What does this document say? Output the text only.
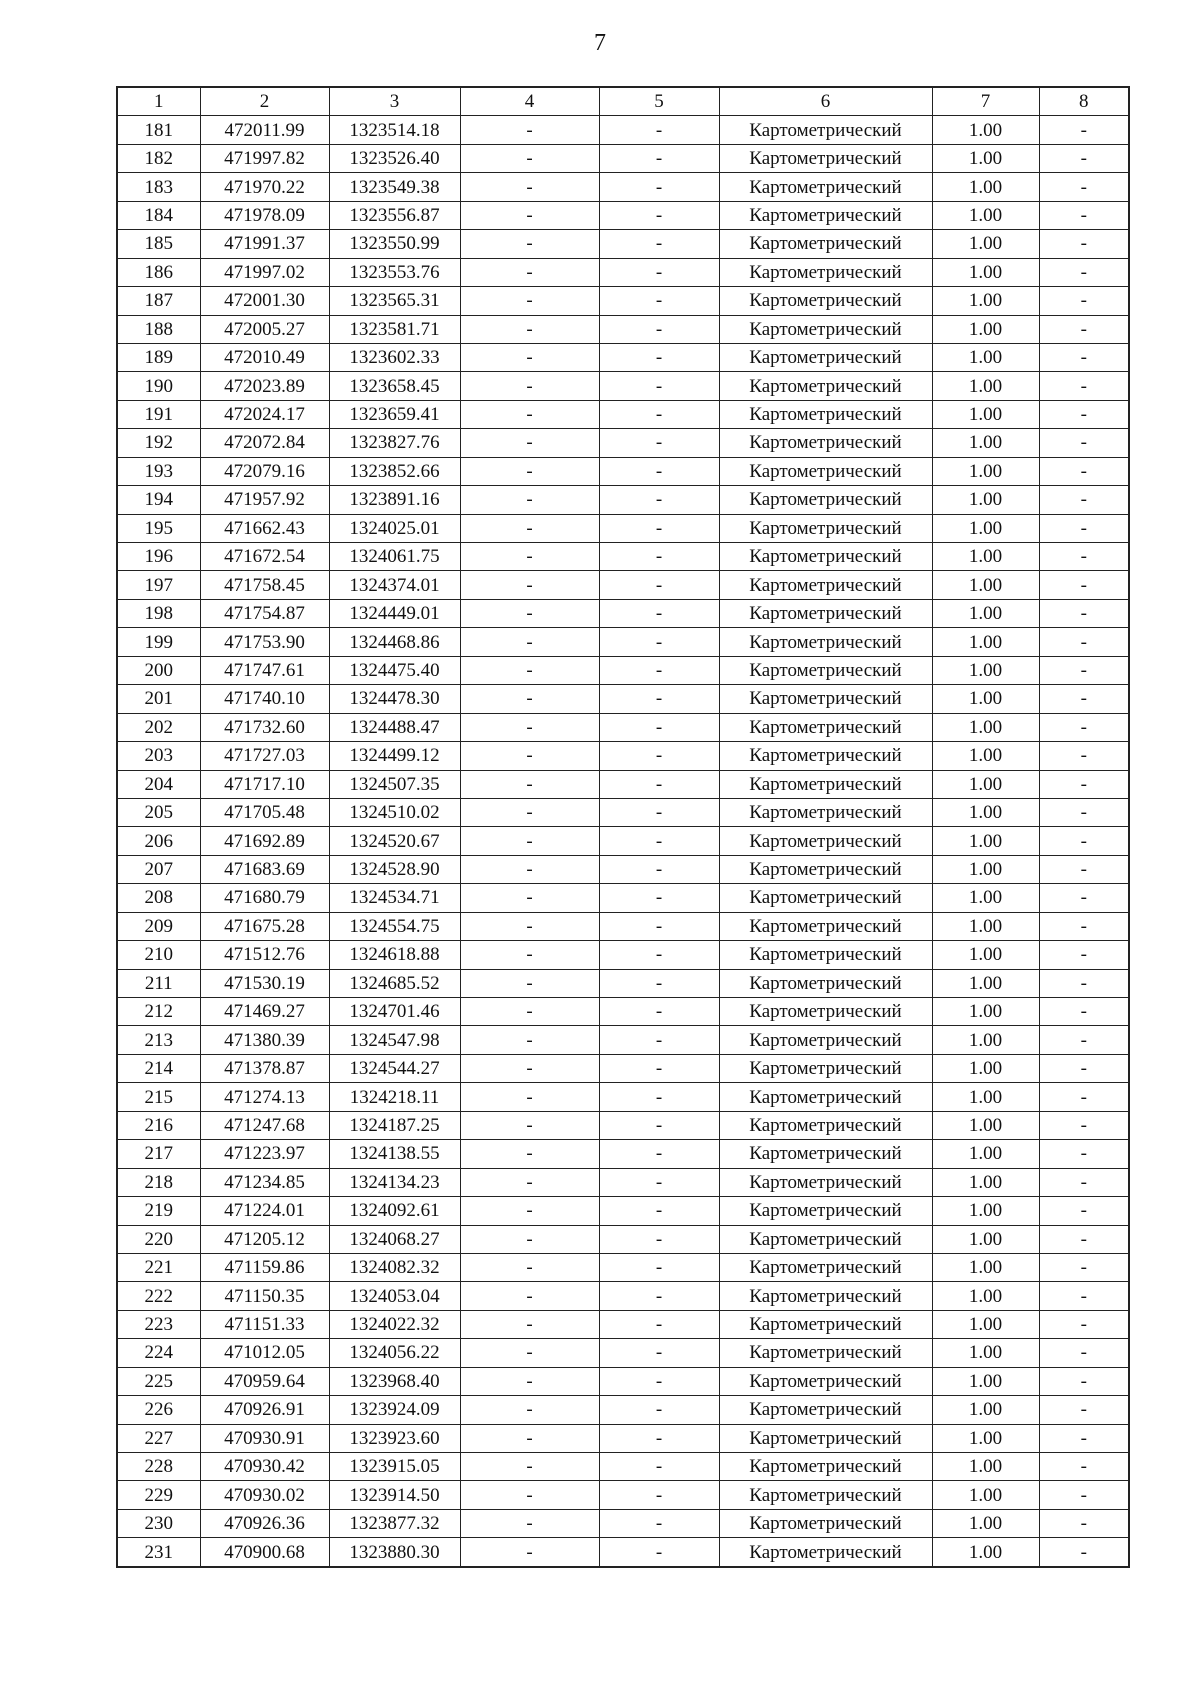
7
1	2	3	4	5	6	7	8
181	472011.99	1323514.18	-	-	Картометрический	1.00	-
182	471997.82	1323526.40	-	-	Картометрический	1.00	-
183	471970.22	1323549.38	-	-	Картометрический	1.00	-
184	471978.09	1323556.87	-	-	Картометрический	1.00	-
185	471991.37	1323550.99	-	-	Картометрический	1.00	-
186	471997.02	1323553.76	-	-	Картометрический	1.00	-
187	472001.30	1323565.31	-	-	Картометрический	1.00	-
188	472005.27	1323581.71	-	-	Картометрический	1.00	-
189	472010.49	1323602.33	-	-	Картометрический	1.00	-
190	472023.89	1323658.45	-	-	Картометрический	1.00	-
191	472024.17	1323659.41	-	-	Картометрический	1.00	-
192	472072.84	1323827.76	-	-	Картометрический	1.00	-
193	472079.16	1323852.66	-	-	Картометрический	1.00	-
194	471957.92	1323891.16	-	-	Картометрический	1.00	-
195	471662.43	1324025.01	-	-	Картометрический	1.00	-
196	471672.54	1324061.75	-	-	Картометрический	1.00	-
197	471758.45	1324374.01	-	-	Картометрический	1.00	-
198	471754.87	1324449.01	-	-	Картометрический	1.00	-
199	471753.90	1324468.86	-	-	Картометрический	1.00	-
200	471747.61	1324475.40	-	-	Картометрический	1.00	-
201	471740.10	1324478.30	-	-	Картометрический	1.00	-
202	471732.60	1324488.47	-	-	Картометрический	1.00	-
203	471727.03	1324499.12	-	-	Картометрический	1.00	-
204	471717.10	1324507.35	-	-	Картометрический	1.00	-
205	471705.48	1324510.02	-	-	Картометрический	1.00	-
206	471692.89	1324520.67	-	-	Картометрический	1.00	-
207	471683.69	1324528.90	-	-	Картометрический	1.00	-
208	471680.79	1324534.71	-	-	Картометрический	1.00	-
209	471675.28	1324554.75	-	-	Картометрический	1.00	-
210	471512.76	1324618.88	-	-	Картометрический	1.00	-
211	471530.19	1324685.52	-	-	Картометрический	1.00	-
212	471469.27	1324701.46	-	-	Картометрический	1.00	-
213	471380.39	1324547.98	-	-	Картометрический	1.00	-
214	471378.87	1324544.27	-	-	Картометрический	1.00	-
215	471274.13	1324218.11	-	-	Картометрический	1.00	-
216	471247.68	1324187.25	-	-	Картометрический	1.00	-
217	471223.97	1324138.55	-	-	Картометрический	1.00	-
218	471234.85	1324134.23	-	-	Картометрический	1.00	-
219	471224.01	1324092.61	-	-	Картометрический	1.00	-
220	471205.12	1324068.27	-	-	Картометрический	1.00	-
221	471159.86	1324082.32	-	-	Картометрический	1.00	-
222	471150.35	1324053.04	-	-	Картометрический	1.00	-
223	471151.33	1324022.32	-	-	Картометрический	1.00	-
224	471012.05	1324056.22	-	-	Картометрический	1.00	-
225	470959.64	1323968.40	-	-	Картометрический	1.00	-
226	470926.91	1323924.09	-	-	Картометрический	1.00	-
227	470930.91	1323923.60	-	-	Картометрический	1.00	-
228	470930.42	1323915.05	-	-	Картометрический	1.00	-
229	470930.02	1323914.50	-	-	Картометрический	1.00	-
230	470926.36	1323877.32	-	-	Картометрический	1.00	-
231	470900.68	1323880.30	-	-	Картометрический	1.00	-
